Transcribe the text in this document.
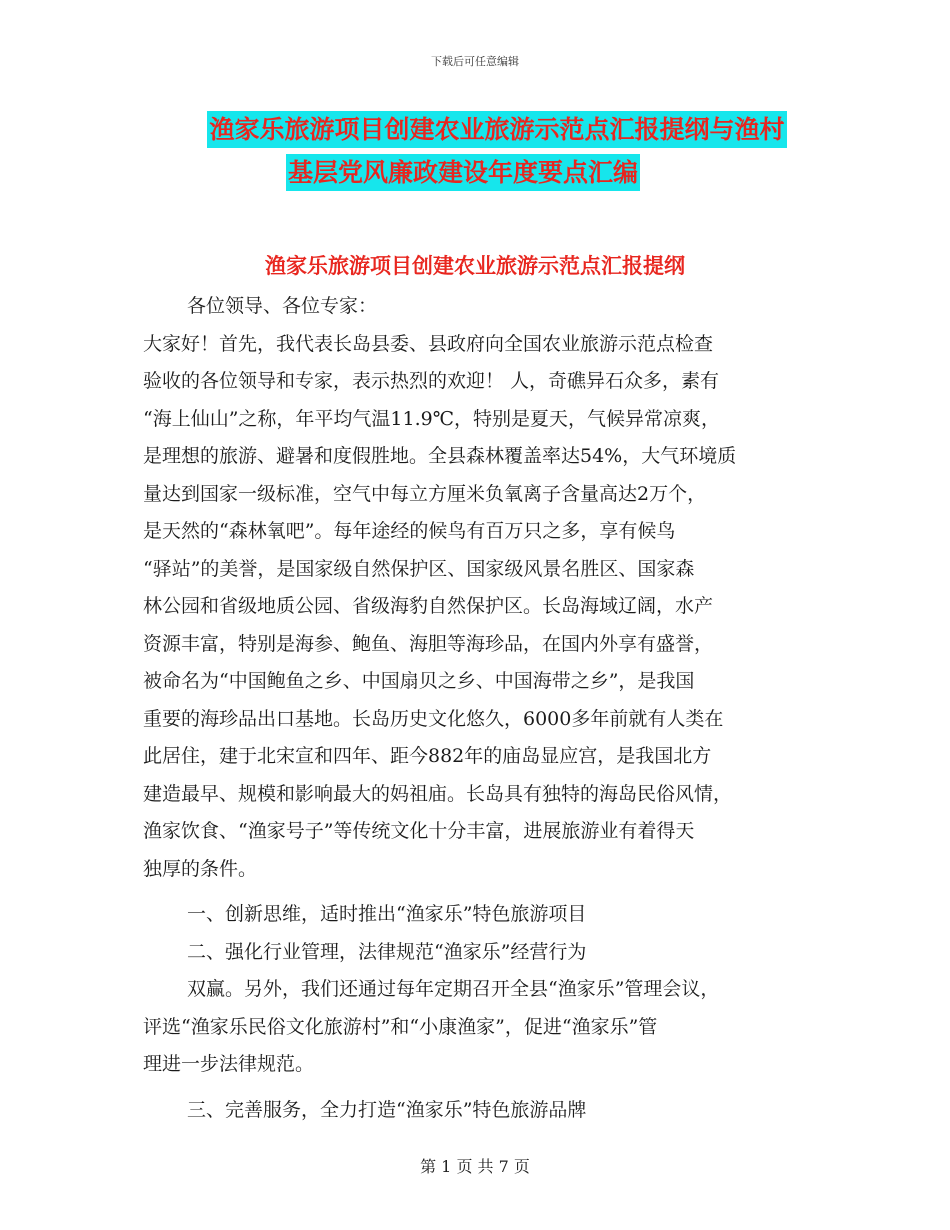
下载后可任意编辑
渔家乐旅游项目创建农业旅游示范点汇报提纲与渔村
基层党风廉政建设年度要点汇编
渔家乐旅游项目创建农业旅游示范点汇报提纲

各位领导、各位专家：

大家好！首先，我代表长岛县委、县政府向全国农业旅游示范点检查

验收的各位领导和专家，表示热烈的欢迎！ 人，奇礁异石众多，素有

“海上仙山”之称，年平均气温11.9℃，特别是夏天，气候异常凉爽，

是理想的旅游、避暑和度假胜地。全县森林覆盖率达54%，大气环境质

量达到国家一级标准，空气中每立方厘米负氧离子含量高达2万个，

是天然的“森林氧吧”。每年途经的候鸟有百万只之多，享有候鸟

“驿站”的美誉，是国家级自然保护区、国家级风景名胜区、国家森

林公园和省级地质公园、省级海豹自然保护区。长岛海域辽阔，水产

资源丰富，特别是海参、鲍鱼、海胆等海珍品，在国内外享有盛誉，

被命名为“中国鲍鱼之乡、中国扇贝之乡、中国海带之乡”，是我国

重要的海珍品出口基地。长岛历史文化悠久，6000多年前就有人类在

此居住，建于北宋宣和四年、距今882年的庙岛显应宫，是我国北方

建造最早、规模和影响最大的妈祖庙。长岛具有独特的海岛民俗风情，

渔家饮食、“渔家号子”等传统文化十分丰富，进展旅游业有着得天

独厚的条件。

一、创新思维，适时推出“渔家乐”特色旅游项目

二、强化行业管理，法律规范“渔家乐”经营行为

双赢。另外，我们还通过每年定期召开全县“渔家乐”管理会议，

评选“渔家乐民俗文化旅游村”和“小康渔家”，促进“渔家乐”管

理进一步法律规范。

三、完善服务，全力打造“渔家乐”特色旅游品牌

第 1 页 共 7 页
